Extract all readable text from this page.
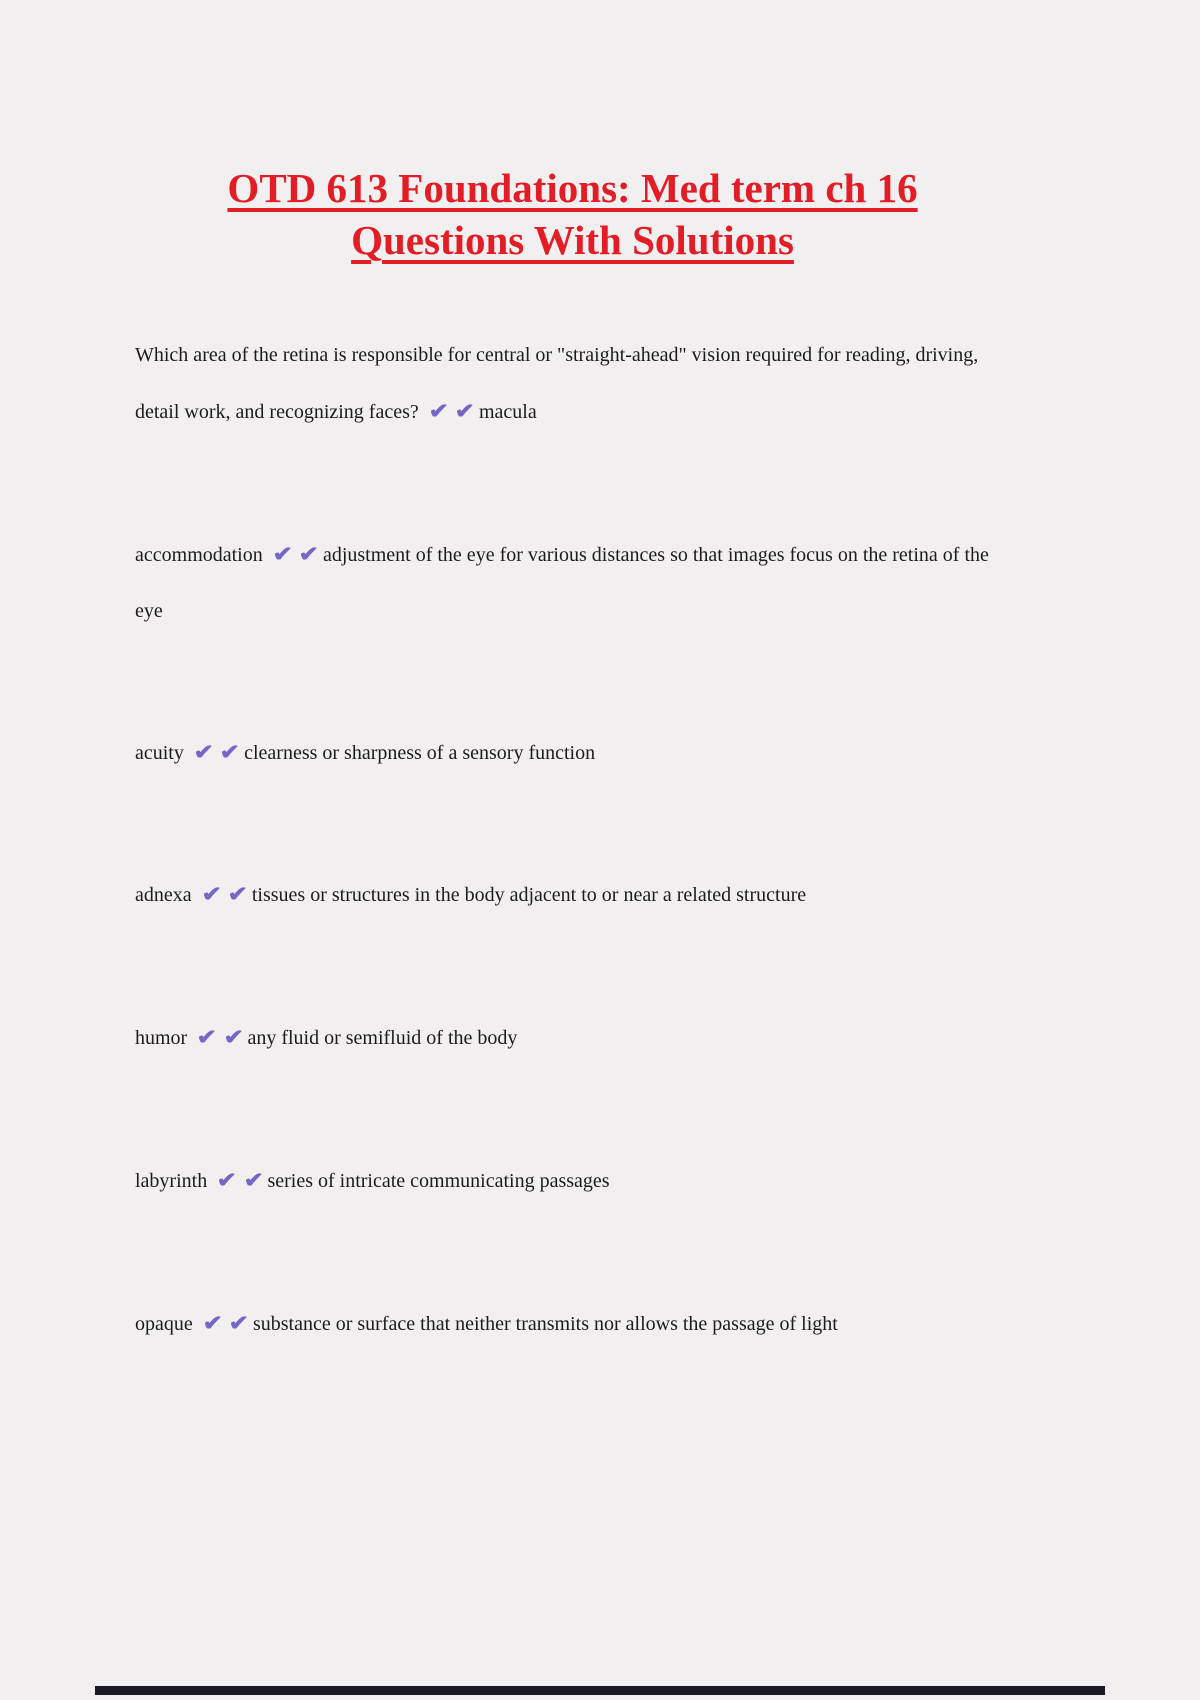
OTD 613 Foundations: Med term ch 16
Questions With Solutions

Which area of the retina is responsible for central or "straight-ahead" vision required for reading, driving, detail work, and recognizing faces? ✔ ✔ macula

accommodation ✔ ✔ adjustment of the eye for various distances so that images focus on the retina of the eye

acuity ✔ ✔ clearness or sharpness of a sensory function

adnexa ✔ ✔ tissues or structures in the body adjacent to or near a related structure

humor ✔ ✔ any fluid or semifluid of the body

labyrinth ✔ ✔ series of intricate communicating passages

opaque ✔ ✔ substance or surface that neither transmits nor allows the passage of light
